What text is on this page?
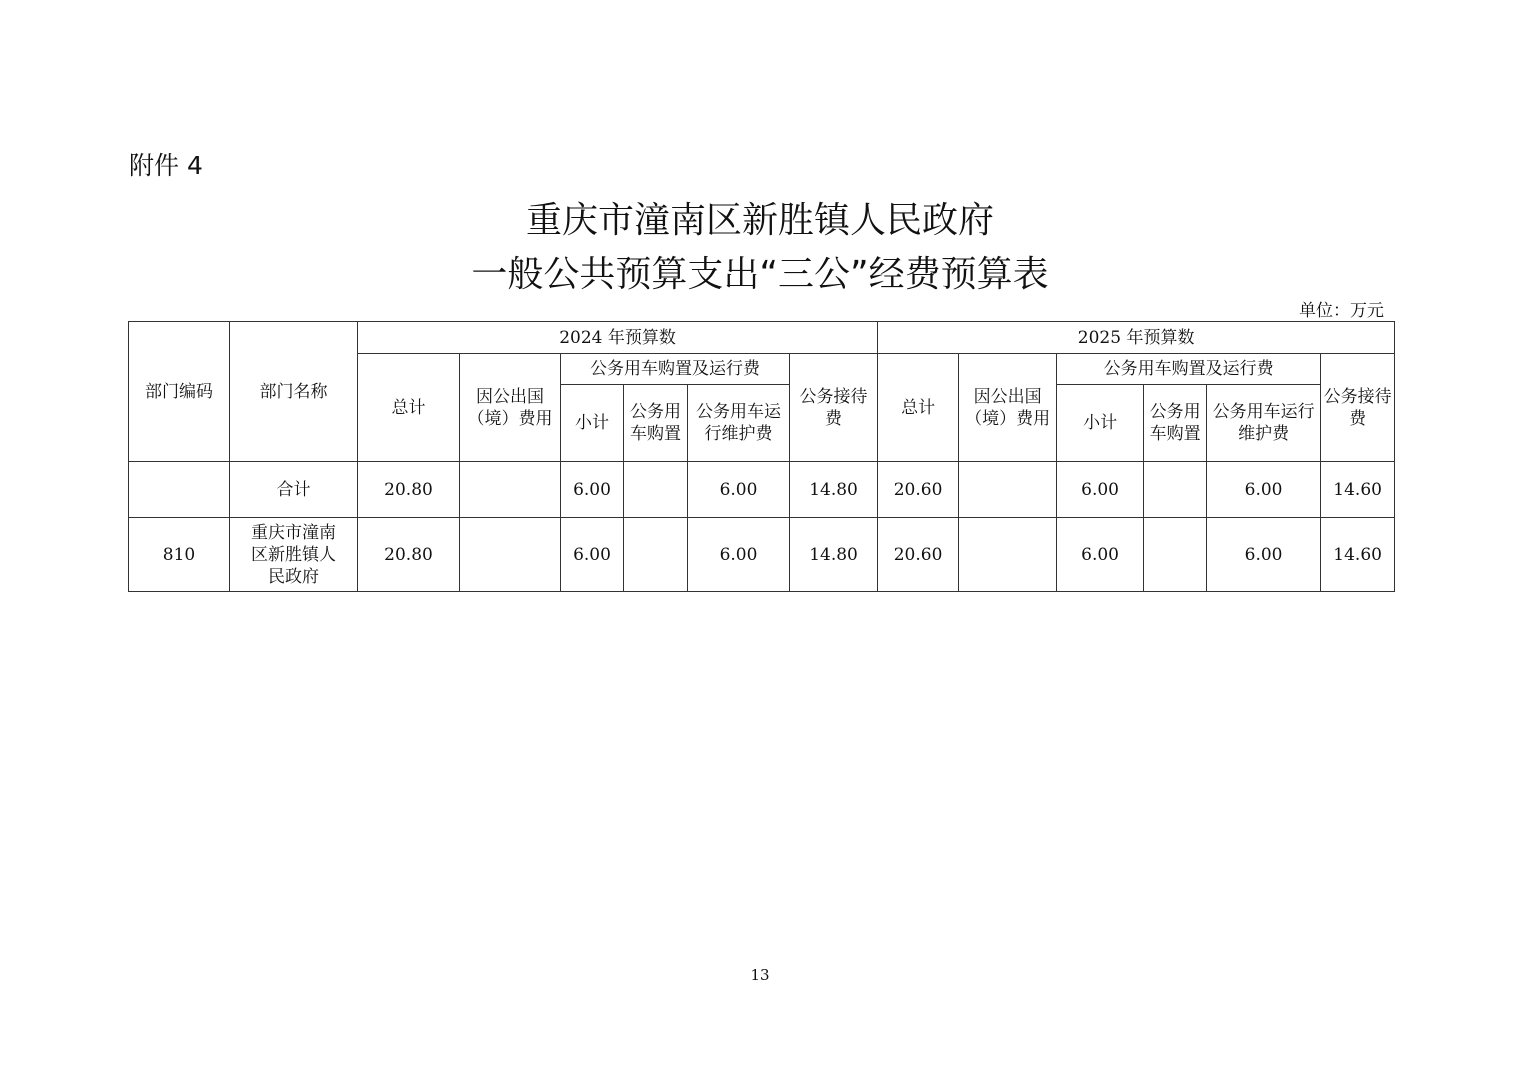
附件 4
重庆市潼南区新胜镇人民政府
一般公共预算支出“三公”经费预算表
单位：万元
部门编码	部门名称	2024 年预算数						2025 年预算数					
		总计	因公出国（境）费用	公务用车购置及运行费			公务接待费	总计	因公出国（境）费用	公务用车购置及运行费			公务接待费
				小计	公务用车购置	公务用车运行维护费				小计	公务用车购置	公务用车运行维护费	
	合计	20.80		6.00		6.00	14.80	20.60		6.00		6.00	14.60
810	重庆市潼南区新胜镇人民政府	20.80		6.00		6.00	14.80	20.60		6.00		6.00	14.60
13
